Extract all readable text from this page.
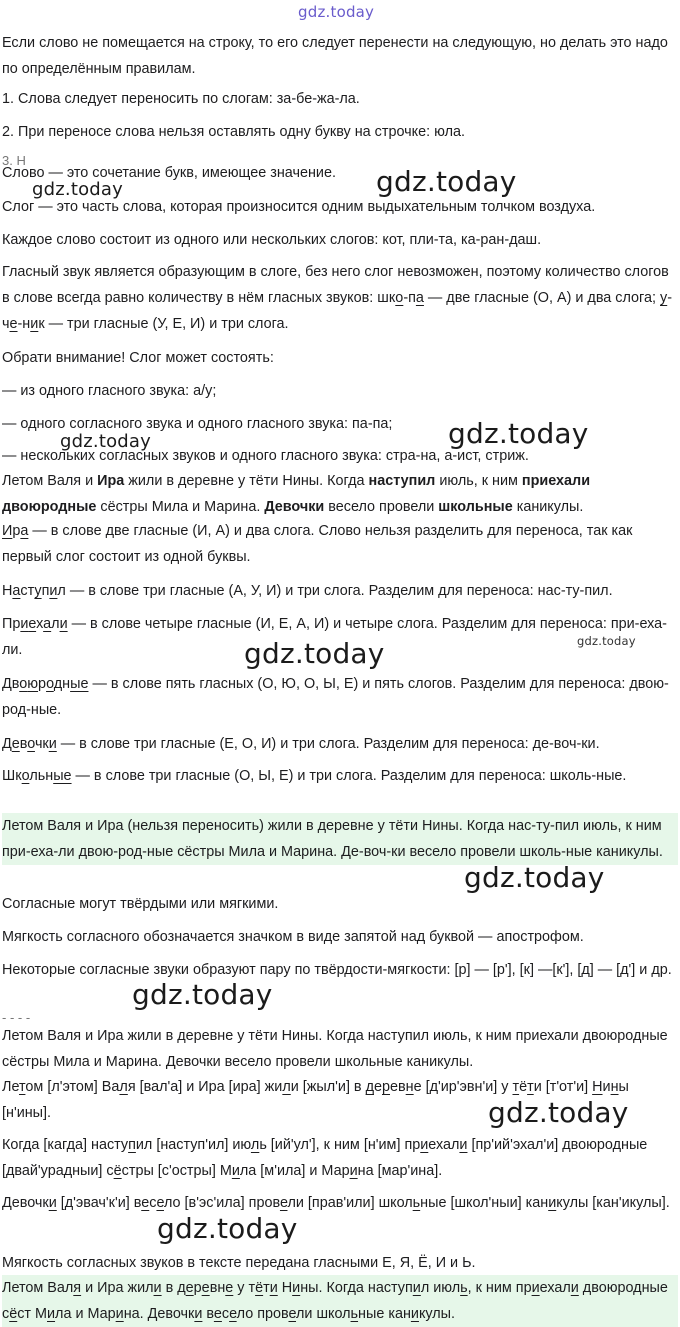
Если слово не помещается на строку, то его следует перенести на следующую, но делать это надо по определённым правилам.

1. Слова следует переносить по слогам: за-бе-жа-ла.

2. При переносе слова нельзя оставлять одну букву на строчке: юла.

Слово — это сочетание букв, имеющее значение.

Слог — это часть слова, которая произносится одним выдыхательным толчком воздуха.

Каждое слово состоит из одного или нескольких слогов: кот, пли-та, ка-ран-даш.

Гласный звук является образующим в слоге, без него слог невозможен, поэтому количество слогов в слове всегда равно количеству в нём гласных звуков: шко-па — две гласные (О, А) и два слога; у-че-ник — три гласные (У, Е, И) и три слога.

Обрати внимание! Слог может состоять:

— из одного гласного звука: а/у;

— одного согласного звука и одного гласного звука: па-па;

— нескольких согласных звуков и одного гласного звука: стра-на, а-ист, стриж.

Летом Валя и Ира жили в деревне у тёти Нины. Когда наступил июль, к ним приехали двоюродные сёстры Мила и Марина. Девочки весело провели школьные каникулы.

Ира — в слове две гласные (И, А) и два слога. Слово нельзя разделить для переноса, так как первый слог состоит из одной буквы.

Наступил — в слове три гласные (А, У, И) и три слога. Разделим для переноса: нас-ту-пил.

Приехали — в слове четыре гласные (И, Е, А, И) и четыре слога. Разделим для переноса: при-еха-ли.

Двоюродные — в слове пять гласных (О, Ю, О, Ы, Е) и пять слогов. Разделим для переноса: двою-род-ные.

Девочки — в слове три гласные (Е, О, И) и три слога. Разделим для переноса: де-воч-ки.

Школьные — в слове три гласные (О, Ы, Е) и три слога. Разделим для переноса: школь-ные.

Летом Валя и Ира (нельзя переносить) жили в деревне у тёти Нины. Когда нас-ту-пил июль, к ним при-еха-ли двою-род-ные сёстры Мила и Марина. Де-воч-ки весело провели школь-ные каникулы.

Согласные могут твёрдыми или мягкими.

Мягкость согласного обозначается значком в виде запятой над буквой — апострофом.

Некоторые согласные звуки образуют пару по твёрдости-мягкости: [р] — [р'], [к] —[к'], [д] — [д'] и др.

Летом Валя и Ира жили в деревне у тёти Нины. Когда наступил июль, к ним приехали двоюродные сёстры Мила и Марина. Девочки весело провели школьные каникулы.

Летом [л'этом] Валя [вал'а] и Ира [ира] жили [жыл'и] в деревне [д'ир'эвн'и] у тёти [т'от'и] Нины [н'ины].

Когда [кагда] наступил [наступ'ил] июль [ий'ул'], к ним [н'им] приехали [пр'ий'эхал'и] двоюродные [двай'урадныи] сёстры [с'остры] Мила [м'ила] и Марина [мар'ина].

Девочки [д'эвач'к'и] весело [в'эс'ила] провели [прав'или] школьные [школ'ныи] каникулы [кан'икулы].

Мягкость согласных звуков в тексте передана гласными Е, Я, Ё, И и Ь.

Летом Валя и Ира жили в деревне у тёти Нины. Когда наступил июль, к ним приехали двоюродные сёст Мила и Марина. Девочки весело провели школьные каникулы.

3. Н
- - - -
gdz.today
gdz.today
gdz.today
gdz.today
gdz.today
gdz.today	gdz.today
gdz.today
gdz.today
gdz.today
gdz.today
